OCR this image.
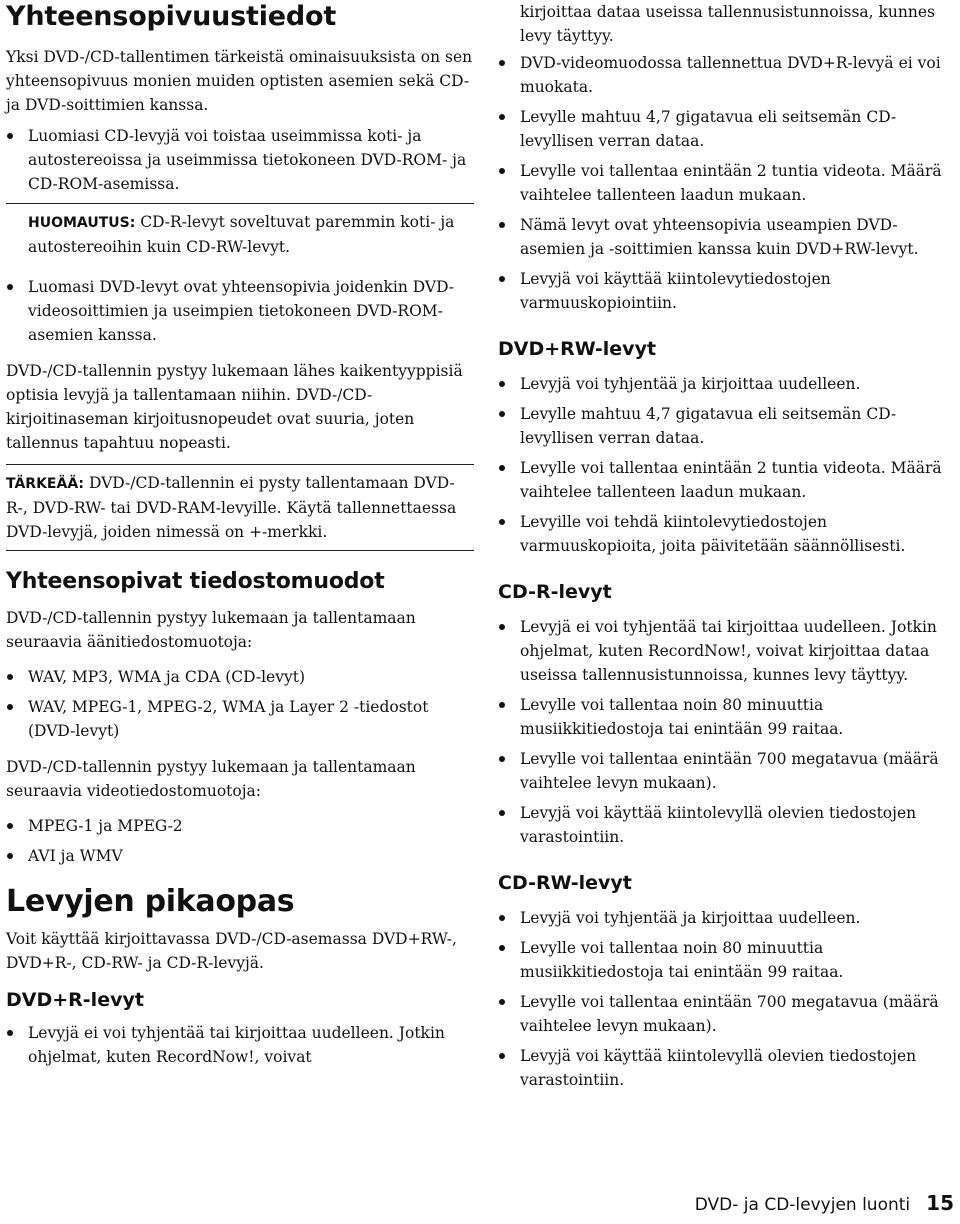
Yhteensopivuustiedot

Yksi DVD-/CD-tallentimen tärkeistä ominaisuuksista on sen yhteensopivuus monien muiden optisten asemien sekä CD- ja DVD-soittimien kanssa.

Luomiasi CD-levyjä voi toistaa useimmissa koti- ja autostereoissa ja useimmissa tietokoneen DVD-ROM- ja CD-ROM-asemissa.

HUOMAUTUS: CD-R-levyt soveltuvat paremmin koti- ja autostereoihin kuin CD-RW-levyt.

Luomasi DVD-levyt ovat yhteensopivia joidenkin DVD-videosoittimien ja useimpien tietokoneen DVD-ROM-asemien kanssa.

DVD-/CD-tallennin pystyy lukemaan lähes kaikentyyppisiä optisia levyjä ja tallentamaan niihin. DVD-/CD-kirjoitinaseman kirjoitusnopeudet ovat suuria, joten tallennus tapahtuu nopeasti.

TÄRKEÄÄ: DVD-/CD-tallennin ei pysty tallentamaan DVD-R-, DVD-RW- tai DVD-RAM-levyille. Käytä tallennettaessa DVD-levyjä, joiden nimessä on +-merkki.

Yhteensopivat tiedostomuodot

DVD-/CD-tallennin pystyy lukemaan ja tallentamaan seuraavia äänitiedostomuotoja:

WAV, MP3, WMA ja CDA (CD-levyt)
WAV, MPEG-1, MPEG-2, WMA ja Layer 2 -tiedostot (DVD-levyt)

DVD-/CD-tallennin pystyy lukemaan ja tallentamaan seuraavia videotiedostomuotoja:

MPEG-1 ja MPEG-2
AVI ja WMV
Levyjen pikaopas

Voit käyttää kirjoittavassa DVD-/CD-asemassa DVD+RW-, DVD+R-, CD-RW- ja CD-R-levyjä.

DVD+R-levyt
Levyjä ei voi tyhjentää tai kirjoittaa uudelleen. Jotkin ohjelmat, kuten RecordNow!, voivat

kirjoittaa dataa useissa tallennusistunnoissa, kunnes levy täyttyy.

DVD-videomuodossa tallennettua DVD+R-levyä ei voi muokata.
Levylle mahtuu 4,7 gigatavua eli seitsemän CD-levyllisen verran dataa.
Levylle voi tallentaa enintään 2 tuntia videota. Määrä vaihtelee tallenteen laadun mukaan.
Nämä levyt ovat yhteensopivia useampien DVD-asemien ja -soittimien kanssa kuin DVD+RW-levyt.
Levyjä voi käyttää kiintolevytiedostojen varmuuskopiointiin.
DVD+RW-levyt
Levyjä voi tyhjentää ja kirjoittaa uudelleen.
Levylle mahtuu 4,7 gigatavua eli seitsemän CD-levyllisen verran dataa.
Levylle voi tallentaa enintään 2 tuntia videota. Määrä vaihtelee tallenteen laadun mukaan.
Levyille voi tehdä kiintolevytiedostojen varmuuskopioita, joita päivitetään säännöllisesti.
CD-R-levyt
Levyjä ei voi tyhjentää tai kirjoittaa uudelleen. Jotkin ohjelmat, kuten RecordNow!, voivat kirjoittaa dataa useissa tallennusistunnoissa, kunnes levy täyttyy.
Levylle voi tallentaa noin 80 minuuttia musiikkitiedostoja tai enintään 99 raitaa.
Levylle voi tallentaa enintään 700 megatavua (määrä vaihtelee levyn mukaan).
Levyjä voi käyttää kiintolevyllä olevien tiedostojen varastointiin.
CD-RW-levyt
Levyjä voi tyhjentää ja kirjoittaa uudelleen.
Levylle voi tallentaa noin 80 minuuttia musiikkitiedostoja tai enintään 99 raitaa.
Levylle voi tallentaa enintään 700 megatavua (määrä vaihtelee levyn mukaan).
Levyjä voi käyttää kiintolevyllä olevien tiedostojen varastointiin.
DVD- ja CD-levyjen luonti 15
